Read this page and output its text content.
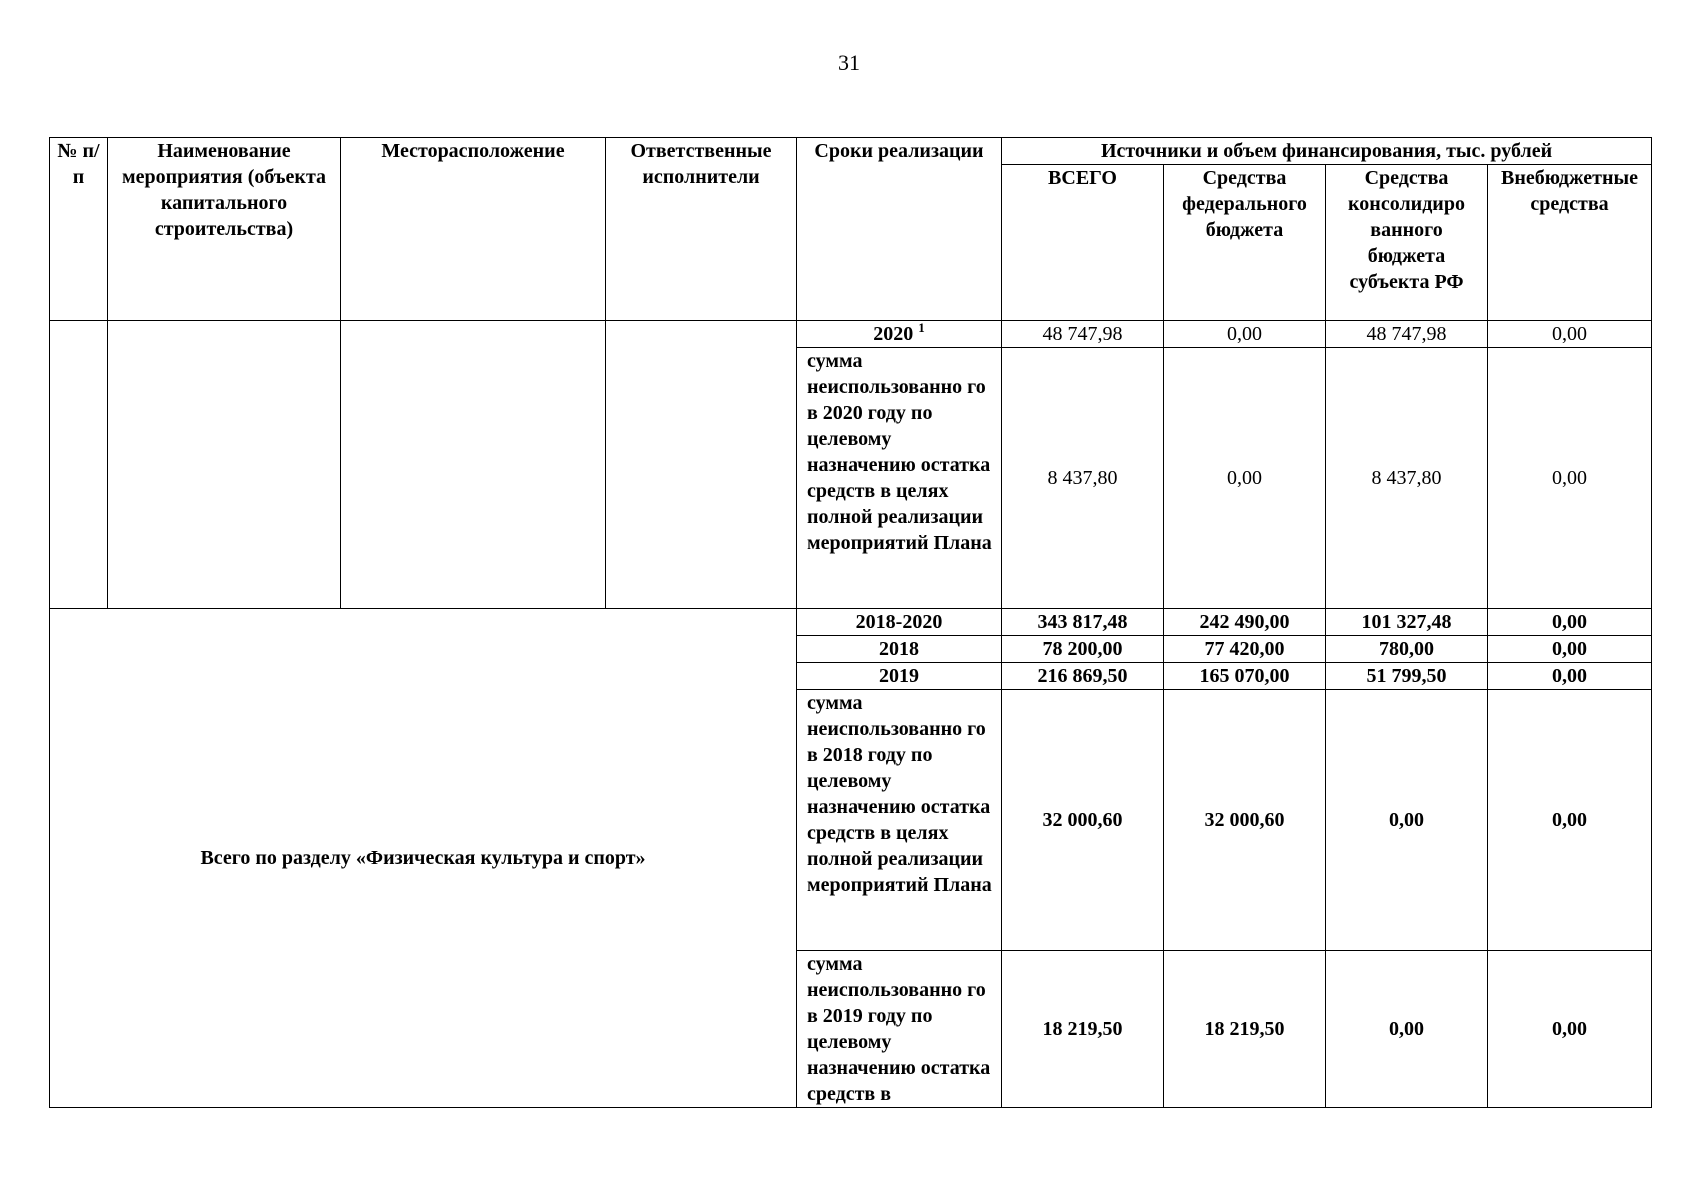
31
№ п/п	Наименование мероприятия (объекта капитального строительства)	Месторасположение	Ответственные исполнители	Сроки реализации	Источники и объем финансирования, тыс. рублей			
					ВСЕГО	Средства федерального бюджета	Средства консолидиро ванного бюджета субъекта РФ	Внебюджетные средства
				2020 $^1$	48 747,98	0,00	48 747,98	0,00
				сумма неиспользованно го в 2020 году по целевому назначению остатка средств в целях полной реализации мероприятий Плана	8 437,80	0,00	8 437,80	0,00
Всего по разделу «Физическая культура и спорт»				2018-2020	343 817,48	242 490,00	101 327,48	0,00
				2018	78 200,00	77 420,00	780,00	0,00
				2019	216 869,50	165 070,00	51 799,50	0,00
				сумма неиспользованно го в 2018 году по целевому назначению остатка средств в целях полной реализации мероприятий Плана	32 000,60	32 000,60	0,00	0,00
				сумма неиспользованно го в 2019 году по целевому назначению остатка средств в	18 219,50	18 219,50	0,00	0,00
